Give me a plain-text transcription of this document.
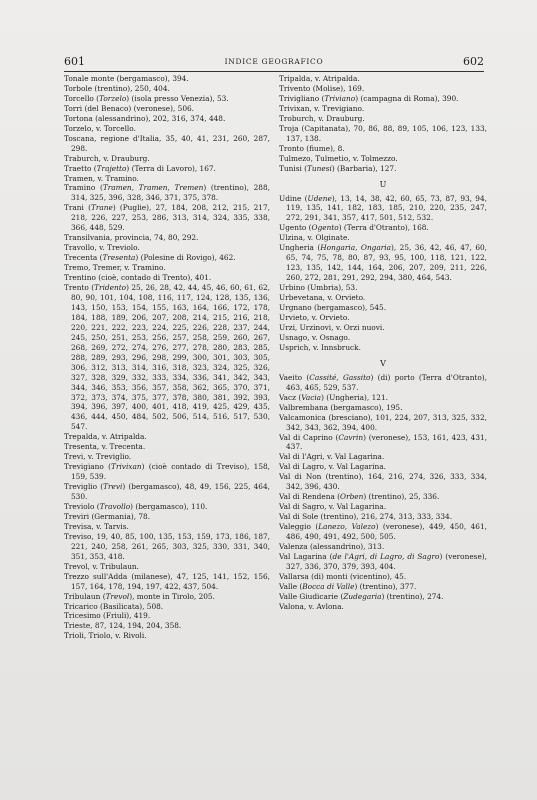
601	INDICE GEOGRAFICO	602
Tonale monte (bergamasco), 394.
Torbole (trentino), 250, 404.
Torcello (Torzelo) (isola presso Venezia), 53.
Torri (del Benaco) (veronese), 506.
Tortona (alessandrino), 202, 316, 374, 448.
Torzelo, v. Torcello.
Toscana, regione d'Italia, 35, 40, 41, 231, 260, 287, 298.
Traburch, v. Drauburg.
Traetto (Trajetto) (Terra di Lavoro), 167.
Tramen, v. Tramino.
Tramino (Tramen, Tramen, Tremen) (trentino), 288, 314, 325, 396, 328, 346, 371, 375, 378.
Trani (Trane) (Puglie), 27, 184, 208, 212, 215, 217, 218, 226, 227, 253, 286, 313, 314, 324, 335, 338, 366, 448, 529.
Transilvania, provincia, 74, 80, 292.
Travollo, v. Treviolo.
Trecenta (Tresenta) (Polesine di Rovigo), 462.
Tremo, Tremer, v. Tramino.
Trentino (cioè, contado di Trento), 401.
Trento (Tridento) 25, 26, 28, 42, 44, 45, 46, 60, 61, 62, 80, 90, 101, 104, 108, 116, 117, 124, 128, 135, 136, 143, 150, 153, 154, 155, 163, 164, 166, 172, 178, 184, 188, 189, 206, 207, 208, 214, 215, 216, 218, 220, 221, 222, 223, 224, 225, 226, 228, 237, 244, 245, 250, 251, 253, 256, 257, 258, 259, 260, 267, 268, 269, 272, 274, 276, 277, 278, 280, 283, 285, 288, 289, 293, 296, 298, 299, 300, 301, 303, 305, 306, 312, 313, 314, 316, 318, 323, 324, 325, 326, 327, 328, 329, 332, 333, 334, 336, 341, 342, 343, 344, 346, 353, 356, 357, 358, 362, 365, 370, 371, 372, 373, 374, 375, 377, 378, 380, 381, 392, 393, 394, 396, 397, 400, 401, 418, 419, 425, 429, 435, 436, 444, 450, 484, 502, 506, 514, 516, 517, 530, 547.
Trepalda, v. Atripalda.
Tresenta, v. Trecenta.
Trevi, v. Treviglio.
Trevigiano (Trivixan) (cioè contado di Treviso), 158, 159, 539.
Treviglio (Trevi) (bergamasco), 48, 49, 156, 225, 464, 530.
Treviolo (Travollo) (bergamasco), 110.
Treviri (Germania), 78.
Trevisa, v. Tarvis.
Treviso, 19, 40, 85, 100, 135, 153, 159, 173, 186, 187, 221, 240, 258, 261, 265, 303, 325, 330, 331, 340, 351, 353, 418.
Trevol, v. Tribulaun.
Trezzo sull'Adda (milanese), 47, 125, 141, 152, 156, 157, 164, 178, 194, 197, 422, 437, 504.
Tribulaun (Trevol), monte in Tirolo, 205.
Tricarico (Basilicata), 508.
Tricesimo (Friuli), 419.
Trieste, 87, 124, 194, 204, 358.
Trioli, Triolo, v. Rivoli.
Tripalda, v. Atripalda.
Trivento (Molise), 169.
Trivigliano (Triviano) (campagna di Roma), 390.
Trivixan, v. Trevigiano.
Troburch, v. Drauburg.
Troja (Capitanata), 70, 86, 88, 89, 105, 106, 123, 133, 137, 138.
Tronto (fiume), 8.
Tulmezo, Tulmetio, v. Tolmezzo.
Tunisi (Tunesi) (Barbaria), 127.
U
Udine (Udene), 13, 14, 38, 42, 60, 65, 73, 87, 93, 94, 119, 135, 141, 182, 183, 185, 210, 220, 235, 247, 272, 291, 341, 357, 417, 501, 512, 532.
Ugento (Ogento) (Terra d'Otranto), 168.
Ulzina, v. Olginate.
Ungheria (Hongaria, Ongaria), 25, 36, 42, 46, 47, 60, 65, 74, 75, 78, 80, 87, 93, 95, 100, 118, 121, 122, 123, 135, 142, 144, 164, 206, 207, 209, 211, 226, 260, 272, 281, 291, 292, 294, 380, 464, 543.
Urbino (Umbria), 53.
Urbevetana, v. Orvieto.
Urgnano (bergamasco), 545.
Urvieto, v. Orvieto.
Urzi, Urzinovi, v. Orzi nuovi.
Usnago, v. Osnago.
Usprich, v. Innsbruck.
V
Vaeito (Cassité, Gassito) (di) porto (Terra d'Otranto), 463, 465, 529, 537.
Vacz (Vacia) (Ungheria), 121.
Valbrembana (bergamasco), 195.
Valcamonica (bresciano), 101, 224, 207, 313, 325, 332, 342, 343, 362, 394, 400.
Val di Caprino (Cavrin) (veronese), 153, 161, 423, 431, 437.
Val di l'Agri, v. Val Lagarina.
Val di Lagro, v. Val Lagarina.
Val di Non (trentino), 164, 216, 274, 326, 333, 334, 342, 396, 430.
Val di Rendena (Orben) (trentino), 25, 336.
Val di Sagro, v. Val Lagarina.
Val di Sole (trentino), 216, 274, 313, 333, 334.
Valeggio (Lanezo, Valezo) (veronese), 449, 450, 461, 486, 490, 491, 492, 500, 505.
Valenza (alessandrino), 313.
Val Lagarina (de l'Agri, di Lagro, di Sagro) (veronese), 327, 336, 370, 379, 393, 404.
Vallarsa (di) monti (vicentino), 45.
Valle (Bocca di Valle) (trentino), 377.
Valle Giudicarie (Zudegaria) (trentino), 274.
Valona, v. Avlona.
